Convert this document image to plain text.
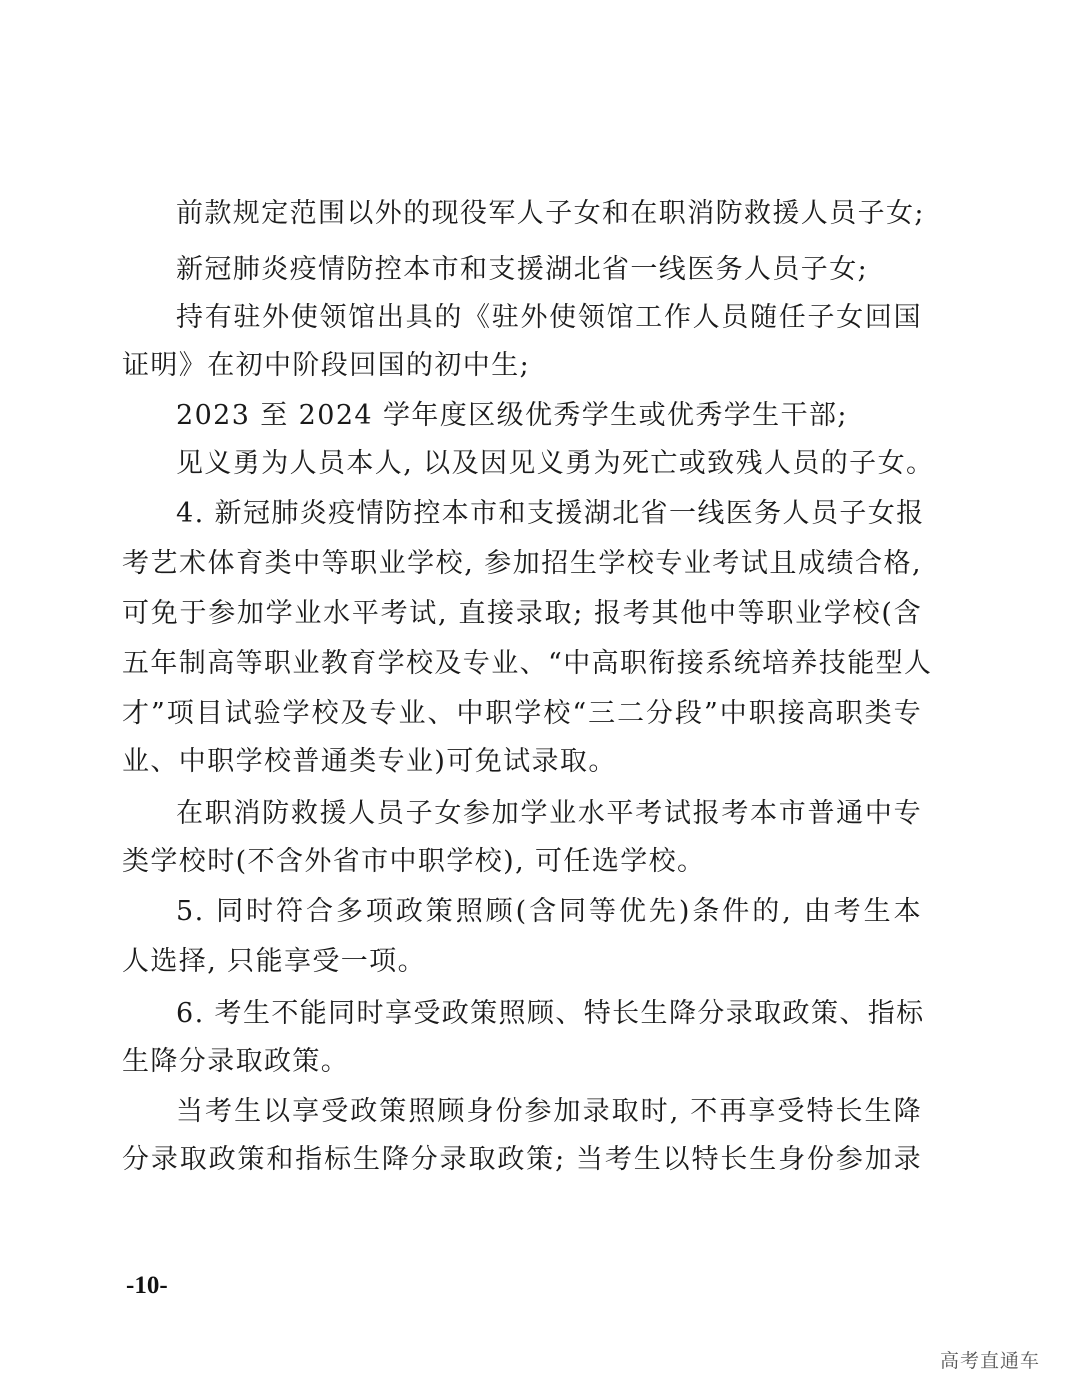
前款规定范围以外的现役军人子女和在职消防救援人员子女;
新冠肺炎疫情防控本市和支援湖北省一线医务人员子女;
持有驻外使领馆出具的《驻外使领馆工作人员随任子女回国
证明》在初中阶段回国的初中生;
2023 至 2024 学年度区级优秀学生或优秀学生干部;
见义勇为人员本人, 以及因见义勇为死亡或致残人员的子女。
4. 新冠肺炎疫情防控本市和支援湖北省一线医务人员子女报
考艺术体育类中等职业学校, 参加招生学校专业考试且成绩合格,
可免于参加学业水平考试, 直接录取; 报考其他中等职业学校(含
五年制高等职业教育学校及专业、“中高职衔接系统培养技能型人
才”项目试验学校及专业、中职学校“三二分段”中职接高职类专
业、中职学校普通类专业)可免试录取。
在职消防救援人员子女参加学业水平考试报考本市普通中专
类学校时(不含外省市中职学校), 可任选学校。
5. 同时符合多项政策照顾(含同等优先)条件的, 由考生本
人选择, 只能享受一项。
6. 考生不能同时享受政策照顾、特长生降分录取政策、指标
生降分录取政策。
当考生以享受政策照顾身份参加录取时, 不再享受特长生降
分录取政策和指标生降分录取政策; 当考生以特长生身份参加录
-10-
高考直通车
